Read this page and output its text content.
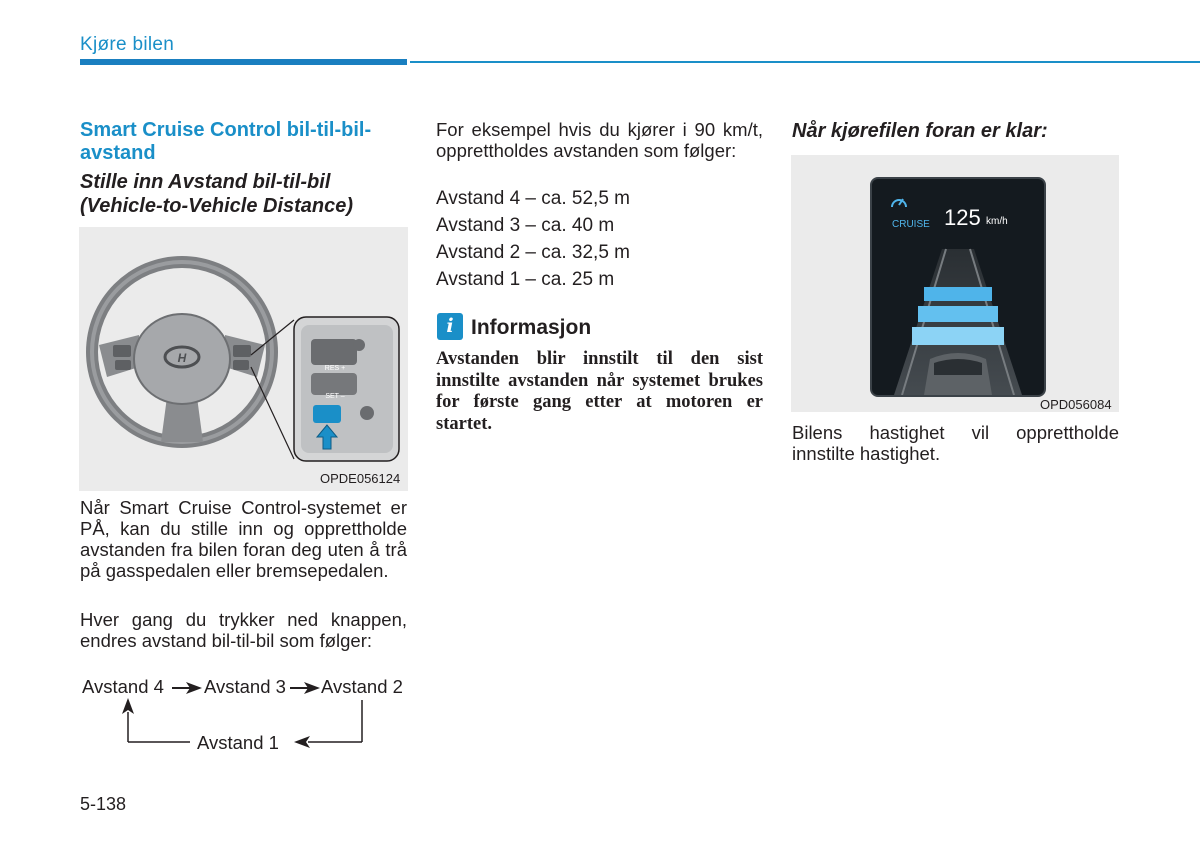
Kjøre bilen
Smart Cruise Control bil-til-bil-
avstand
Stille inn Avstand bil-til-bil
(Vehicle-to-Vehicle Distance)
H
RES +
SET –
OPDE056124
Når Smart Cruise Control-systemet er PÅ, kan du stille inn og opprettholde avstanden fra bilen foran deg uten å trå på gasspedalen eller bremsepedalen.
Hver gang du trykker ned knappen, endres avstand bil-til-bil som følger:
Avstand 4 Avstand 3 Avstand 2
Avstand 1
For eksempel hvis du kjører i 90 km/t, opprettholdes avstanden som følger:
Avstand 4 – ca. 52,5 m
Avstand 3 – ca. 40 m
Avstand 2 – ca. 32,5 m
Avstand 1 – ca. 25 m
i Informasjon
Avstanden blir innstilt til den sist innstilte avstanden når systemet brukes for første gang etter at motoren er startet.
Når kjørefilen foran er klar:
CRUISE 125 km/h
OPD056084
Bilens hastighet vil opprettholde innstilte hastighet.
5-138
